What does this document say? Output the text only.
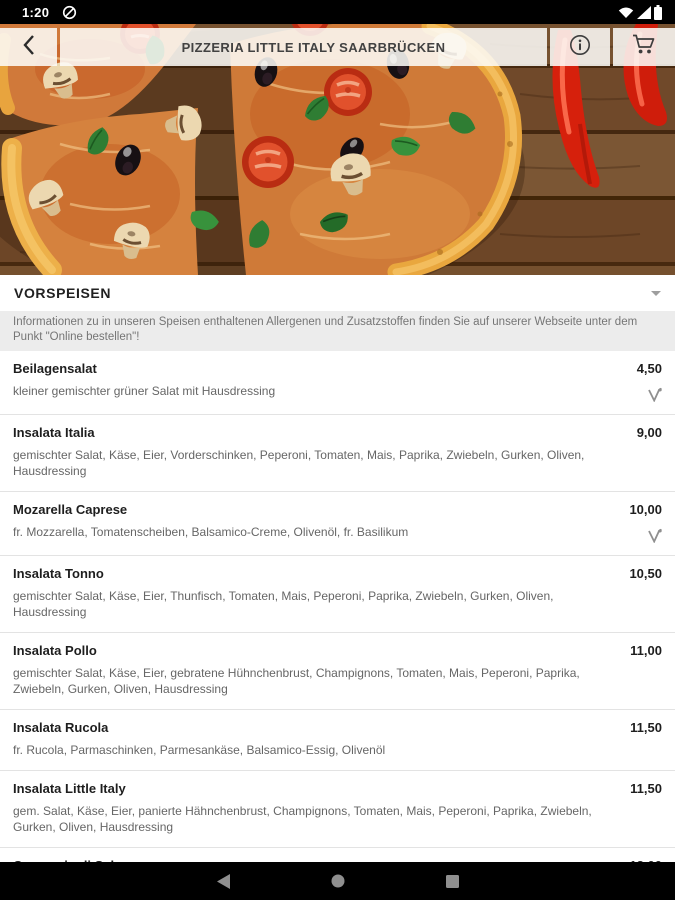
1:20
PIZZERIA LITTLE ITALY SAARBRÜCKEN
VORSPEISEN
Informationen zu in unseren Speisen enthaltenen Allergenen und Zusatzstoffen finden Sie auf unserer Webseite unter dem Punkt "Online bestellen"!
Beilagensalat
kleiner gemischter grüner Salat mit Hausdressing
4,50
Insalata Italia
gemischter Salat, Käse, Eier, Vorderschinken, Peperoni, Tomaten, Mais, Paprika, Zwiebeln, Gurken, Oliven, Hausdressing
9,00
Mozarella Caprese
fr. Mozzarella, Tomatenscheiben, Balsamico-Creme, Olivenöl, fr. Basilikum
10,00
Insalata Tonno
gemischter Salat, Käse, Eier, Thunfisch, Tomaten, Mais, Peperoni, Paprika, Zwiebeln, Gurken, Oliven, Hausdressing
10,50
Insalata Pollo
gemischter Salat, Käse, Eier, gebratene Hühnchenbrust, Champignons, Tomaten, Mais, Peperoni, Paprika, Zwiebeln, Gurken, Oliven, Hausdressing
11,00
Insalata Rucola
fr. Rucola, Parmaschinken, Parmesankäse, Balsamico-Essig, Olivenöl
11,50
Insalata Little Italy
gem. Salat, Käse, Eier, panierte Hähnchenbrust, Champignons, Tomaten, Mais, Peperoni, Paprika, Zwiebeln, Gurken, Oliven, Hausdressing
11,50
